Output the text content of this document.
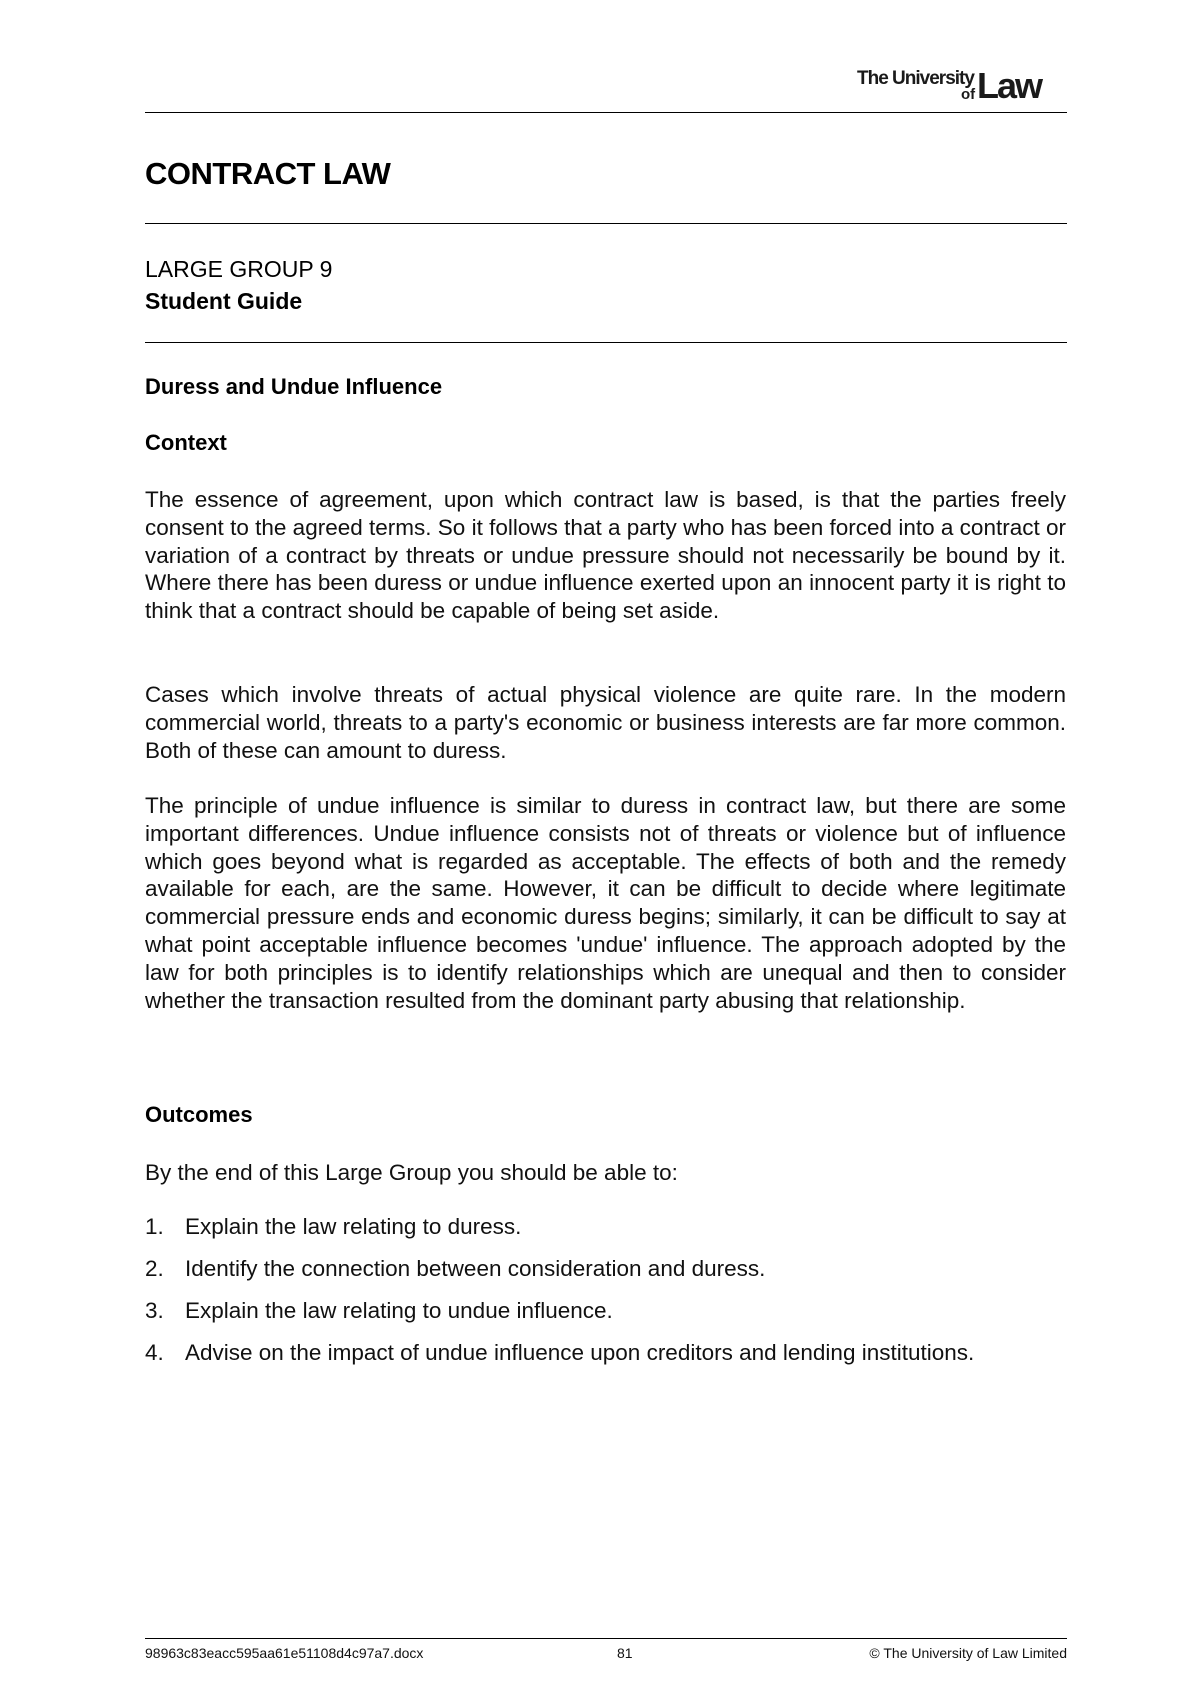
The University
of Law
CONTRACT LAW
LARGE GROUP 9
Student Guide
Duress and Undue Influence
Context
The essence of agreement, upon which contract law is based, is that the parties freely consent to the agreed terms. So it follows that a party who has been forced into a contract or variation of a contract by threats or undue pressure should not necessarily be bound by it. Where there has been duress or undue influence exerted upon an innocent party it is right to think that a contract should be capable of being set aside.
Cases which involve threats of actual physical violence are quite rare. In the modern commercial world, threats to a party's economic or business interests are far more common. Both of these can amount to duress.
The principle of undue influence is similar to duress in contract law, but there are some important differences. Undue influence consists not of threats or violence but of influence which goes beyond what is regarded as acceptable. The effects of both and the remedy available for each, are the same. However, it can be difficult to decide where legitimate commercial pressure ends and economic duress begins; similarly, it can be difficult to say at what point acceptable influence becomes 'undue' influence. The approach adopted by the law for both principles is to identify relationships which are unequal and then to consider whether the transaction resulted from the dominant party abusing that relationship.
Outcomes
By the end of this Large Group you should be able to:
1. Explain the law relating to duress.
2. Identify the connection between consideration and duress.
3. Explain the law relating to undue influence.
4. Advise on the impact of undue influence upon creditors and lending institutions.
98963c83eacc595aa61e51108d4c97a7.docx	81	© The University of Law Limited
